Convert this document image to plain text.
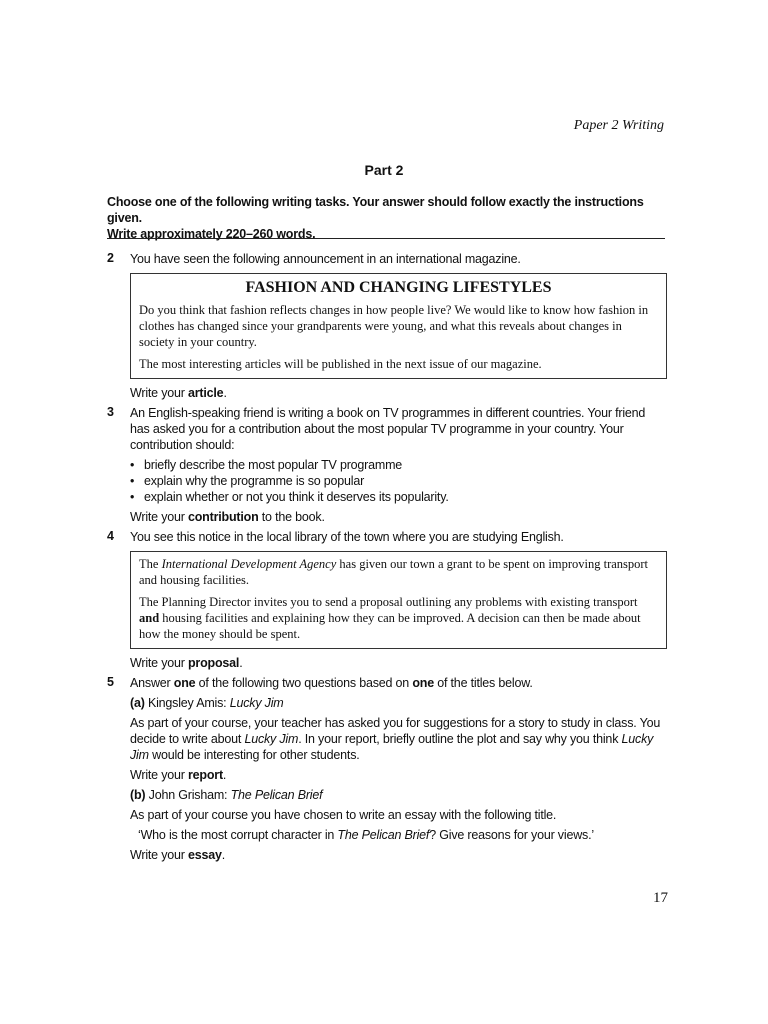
Paper 2 Writing
Part 2
Choose one of the following writing tasks. Your answer should follow exactly the instructions given.
Write approximately 220–260 words.
2 You have seen the following announcement in an international magazine.
FASHION AND CHANGING LIFESTYLES

Do you think that fashion reflects changes in how people live? We would like to know how fashion in clothes has changed since your grandparents were young, and what this reveals about changes in society in your country.

The most interesting articles will be published in the next issue of our magazine.

Write your article.
3 An English-speaking friend is writing a book on TV programmes in different countries. Your friend has asked you for a contribution about the most popular TV programme in your country. Your contribution should:
• briefly describe the most popular TV programme
• explain why the programme is so popular
• explain whether or not you think it deserves its popularity.
Write your contribution to the book.
4 You see this notice in the local library of the town where you are studying English.

The International Development Agency has given our town a grant to be spent on improving transport and housing facilities.

The Planning Director invites you to send a proposal outlining any problems with existing transport and housing facilities and explaining how they can be improved. A decision can then be made about how the money should be spent.

Write your proposal.
5 Answer one of the following two questions based on one of the titles below.
(a) Kingsley Amis: Lucky Jim
As part of your course, your teacher has asked you for suggestions for a story to study in class. You decide to write about Lucky Jim. In your report, briefly outline the plot and say why you think Lucky Jim would be interesting for other students.
Write your report.
(b) John Grisham: The Pelican Brief
As part of your course you have chosen to write an essay with the following title.
‘Who is the most corrupt character in The Pelican Brief? Give reasons for your views.’
Write your essay.
17
